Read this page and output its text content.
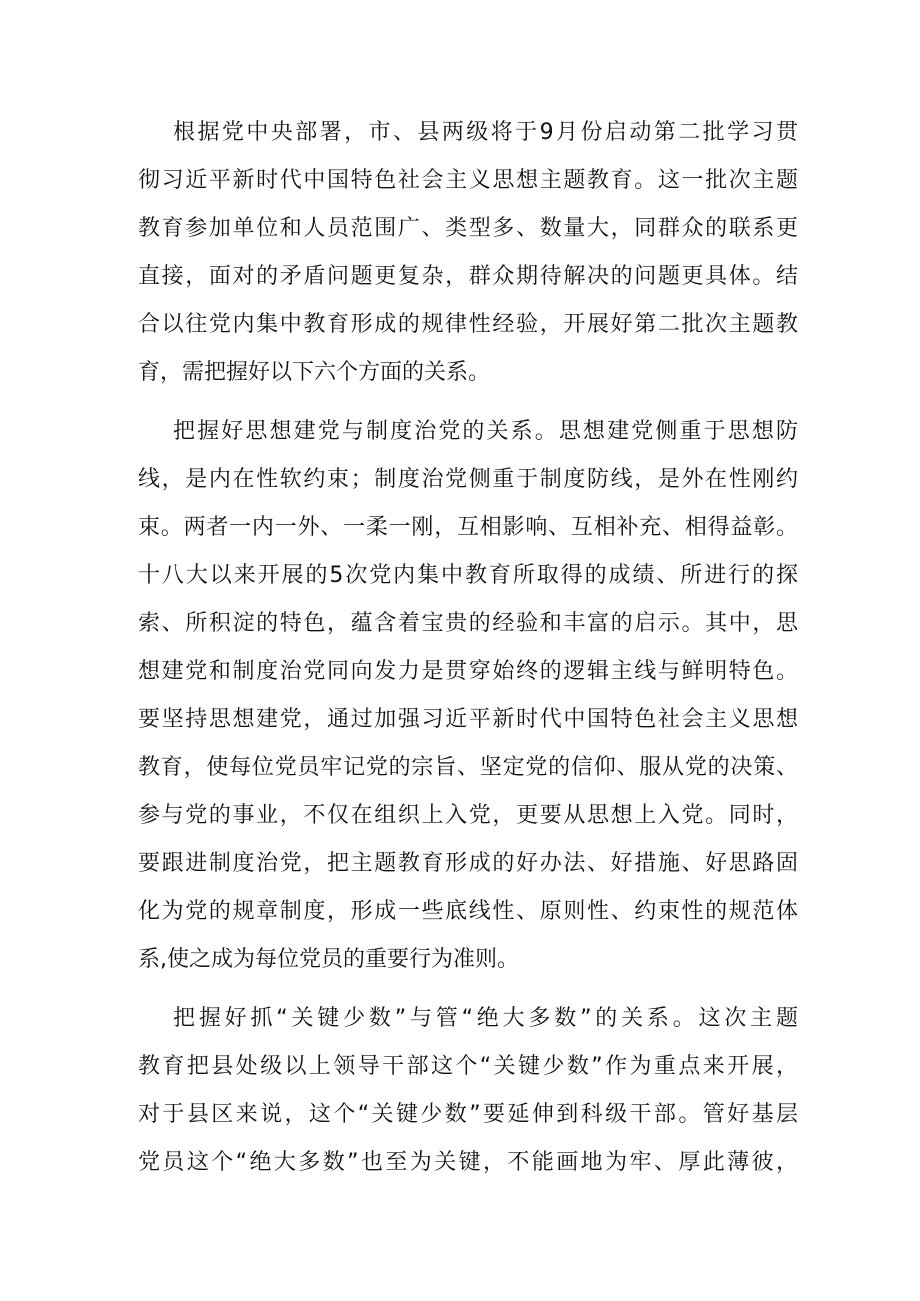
根据党中央部署，市、县两级将于9月份启动第二批学习贯
彻习近平新时代中国特色社会主义思想主题教育。这一批次主题
教育参加单位和人员范围广、类型多、数量大，同群众的联系更
直接，面对的矛盾问题更复杂，群众期待解决的问题更具体。结
合以往党内集中教育形成的规律性经验，开展好第二批次主题教
育，需把握好以下六个方面的关系。
把握好思想建党与制度治党的关系。思想建党侧重于思想防
线，是内在性软约束；制度治党侧重于制度防线，是外在性刚约
束。两者一内一外、一柔一刚，互相影响、互相补充、相得益彰。
十八大以来开展的5次党内集中教育所取得的成绩、所进行的探
索、所积淀的特色，蕴含着宝贵的经验和丰富的启示。其中，思
想建党和制度治党同向发力是贯穿始终的逻辑主线与鲜明特色。
要坚持思想建党，通过加强习近平新时代中国特色社会主义思想
教育，使每位党员牢记党的宗旨、坚定党的信仰、服从党的决策、
参与党的事业，不仅在组织上入党，更要从思想上入党。同时，
要跟进制度治党，把主题教育形成的好办法、好措施、好思路固
化为党的规章制度，形成一些底线性、原则性、约束性的规范体
系,使之成为每位党员的重要行为准则。
把握好抓“关键少数”与管“绝大多数”的关系。这次主题
教育把县处级以上领导干部这个“关键少数”作为重点来开展，
对于县区来说，这个“关键少数”要延伸到科级干部。管好基层
党员这个“绝大多数”也至为关键，不能画地为牢、厚此薄彼，
